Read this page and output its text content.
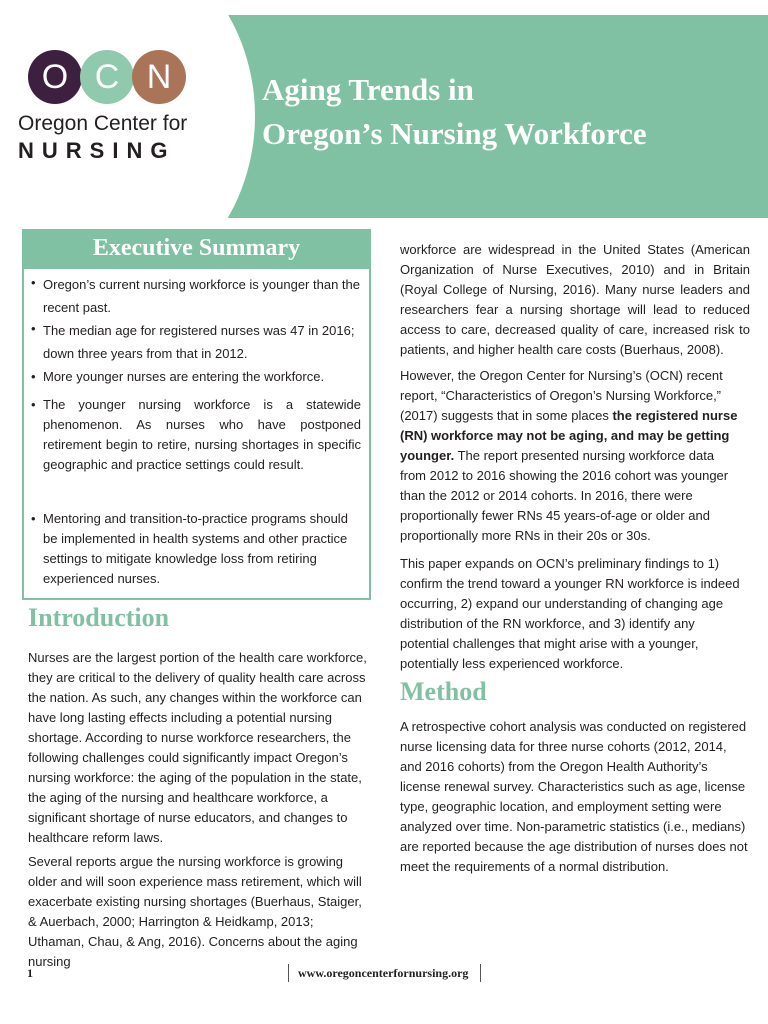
O C N
Oregon Center for
NURSING
Aging Trends in
Oregon’s Nursing Workforce
Executive Summary
• Oregon’s current nursing workforce is younger than the recent past.
• The median age for registered nurses was 47 in 2016; down three years from that in 2012.
• More younger nurses are entering the workforce.
• The younger nursing workforce is a statewide phenomenon. As nurses who have postponed retirement begin to retire, nursing shortages in specific geographic and practice settings could result.
• Mentoring and transition-to-practice programs should be implemented in health systems and other practice settings to mitigate knowledge loss from retiring experienced nurses.
Introduction
Nurses are the largest portion of the health care workforce, they are critical to the delivery of quality health care across the nation. As such, any changes within the workforce can have long lasting effects including a potential nursing shortage. According to nurse workforce researchers, the following challenges could significantly impact Oregon’s nursing workforce: the aging of the population in the state, the aging of the nursing and healthcare workforce, a significant shortage of nurse educators, and changes to healthcare reform laws.
Several reports argue the nursing workforce is growing older and will soon experience mass retirement, which will exacerbate existing nursing shortages (Buerhaus, Staiger, & Auerbach, 2000; Harrington & Heidkamp, 2013; Uthaman, Chau, & Ang, 2016). Concerns about the aging nursing
workforce are widespread in the United States (American Organization of Nurse Executives, 2010) and in Britain (Royal College of Nursing, 2016). Many nurse leaders and researchers fear a nursing shortage will lead to reduced access to care, decreased quality of care, increased risk to patients, and higher health care costs (Buerhaus, 2008).
However, the Oregon Center for Nursing’s (OCN) recent report, “Characteristics of Oregon’s Nursing Workforce,” (2017) suggests that in some places the registered nurse (RN) workforce may not be aging, and may be getting younger. The report presented nursing workforce data from 2012 to 2016 showing the 2016 cohort was younger than the 2012 or 2014 cohorts. In 2016, there were proportionally fewer RNs 45 years-of-age or older and proportionally more RNs in their 20s or 30s.
This paper expands on OCN’s preliminary findings to 1) confirm the trend toward a younger RN workforce is indeed occurring, 2) expand our understanding of changing age distribution of the RN workforce, and 3) identify any potential challenges that might arise with a younger, potentially less experienced workforce.
Method
A retrospective cohort analysis was conducted on registered nurse licensing data for three nurse cohorts (2012, 2014, and 2016 cohorts) from the Oregon Health Authority’s license renewal survey. Characteristics such as age, license type, geographic location, and employment setting were analyzed over time. Non-parametric statistics (i.e., medians) are reported because the age distribution of nurses does not meet the requirements of a normal distribution.
1	www.oregoncenterfornursing.org
